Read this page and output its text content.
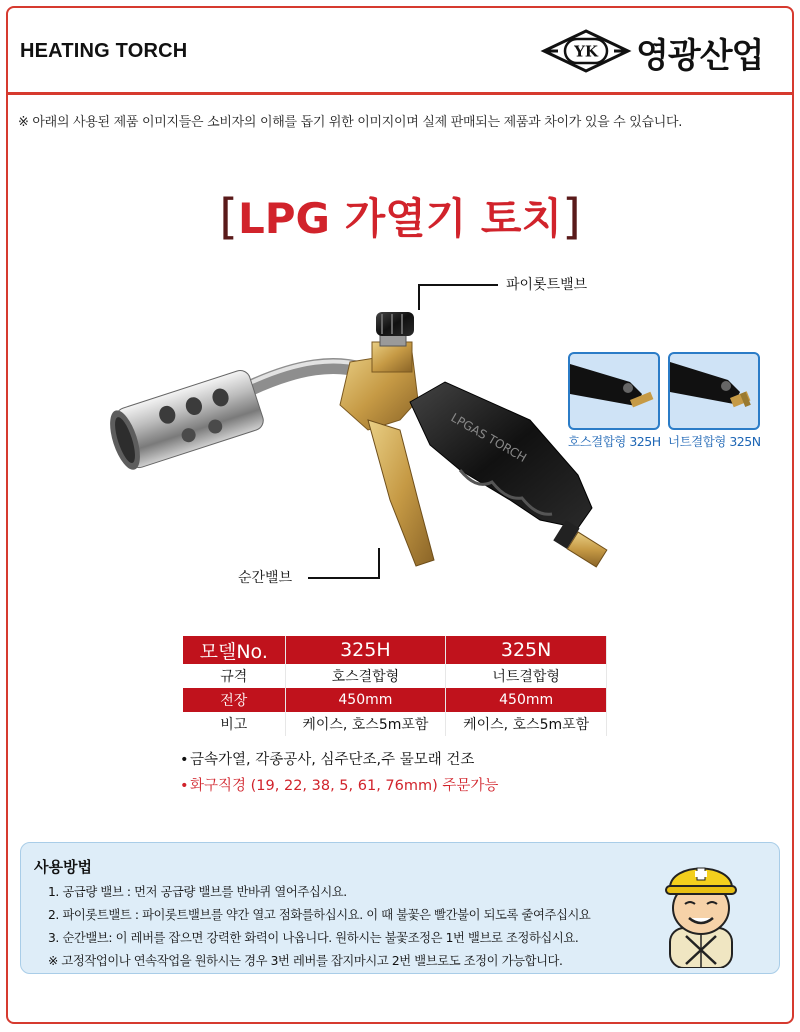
HEATING TORCH	YK 영광산업
※ 아래의 사용된 제품 이미지들은 소비자의 이해를 돕기 위한 이미지이며 실제 판매되는 제품과 차이가 있을 수 있습니다.
[LPG 가열기 토치]
LPGAS TORCH
파이롯트밸브
순간밸브
호스결합형 325H 너트결합형 325N
모델No.	325H	325N
규격	호스결합형	너트결합형
전장	450mm	450mm
비고	케이스, 호스5m포함	케이스, 호스5m포함
•금속가열, 각종공사, 심주단조,주 물모래 건조
•화구직경 (19, 22, 38, 5, 61, 76mm) 주문가능
사용방법
1. 공급량 밸브 : 먼저 공급량 밸브를 반바퀴 열어주십시요.
2. 파이롯트밸트 : 파이롯트밸브를 약간 열고 점화를하십시요. 이 때 불꽃은 빨간불이 되도록 줄여주십시요
3. 순간밸브: 이 레버를 잡으면 강력한 화력이 나옵니다. 원하시는 불꽃조정은 1번 밸브로 조정하십시요.
※ 고정작업이나 연속작업을 원하시는 경우 3번 레버를 잡지마시고 2번 밸브로도 조정이 가능합니다.
